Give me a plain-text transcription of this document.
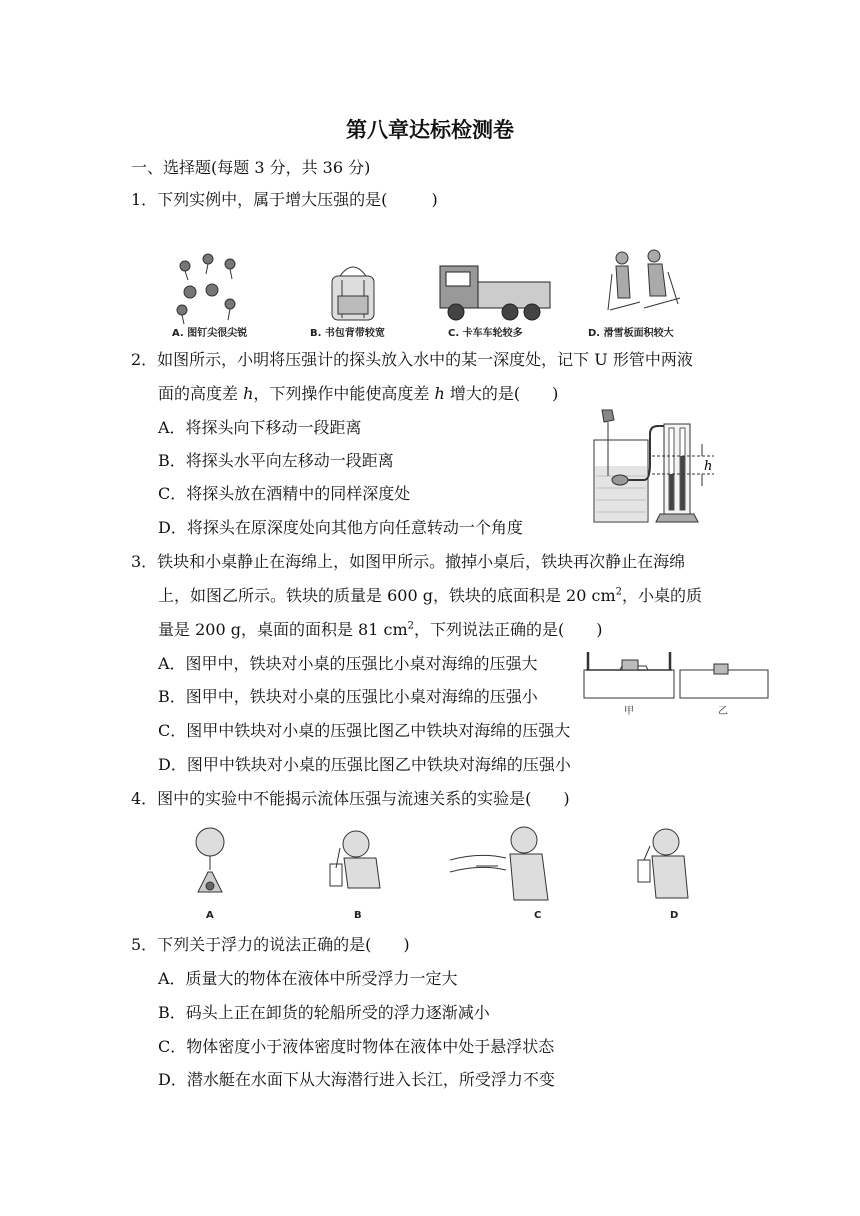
第八章达标检测卷
一、选择题(每题 3 分，共 36 分)
1．下列实例中，属于增大压强的是(	)
A. 图钉尖很尖锐	B. 书包背带较宽	C. 卡车车轮较多	D. 滑雪板面积较大
2．如图所示，小明将压强计的探头放入水中的某一深度处，记下 U 形管中两液
面的高度差 h，下列操作中能使高度差 h 增大的是(　　)
A．将探头向下移动一段距离
B．将探头水平向左移动一段距离
C．将探头放在酒精中的同样深度处
D．将探头在原深度处向其他方向任意转动一个角度
h
3．铁块和小桌静止在海绵上，如图甲所示。撤掉小桌后，铁块再次静止在海绵
上，如图乙所示。铁块的质量是 600 g，铁块的底面积是 20 $cm^2$，小桌的质
量是 200 g，桌面的面积是 81 $cm^2$，下列说法正确的是(　　)
A．图甲中，铁块对小桌的压强比小桌对海绵的压强大
B．图甲中，铁块对小桌的压强比小桌对海绵的压强小
C．图甲中铁块对小桌的压强比图乙中铁块对海绵的压强大
D．图甲中铁块对小桌的压强比图乙中铁块对海绵的压强小
甲	乙
4．图中的实验中不能揭示流体压强与流速关系的实验是(　　)
A	B	C	D
5．下列关于浮力的说法正确的是(　　)
A．质量大的物体在液体中所受浮力一定大
B．码头上正在卸货的轮船所受的浮力逐渐减小
C．物体密度小于液体密度时物体在液体中处于悬浮状态
D．潜水艇在水面下从大海潜行进入长江，所受浮力不变
